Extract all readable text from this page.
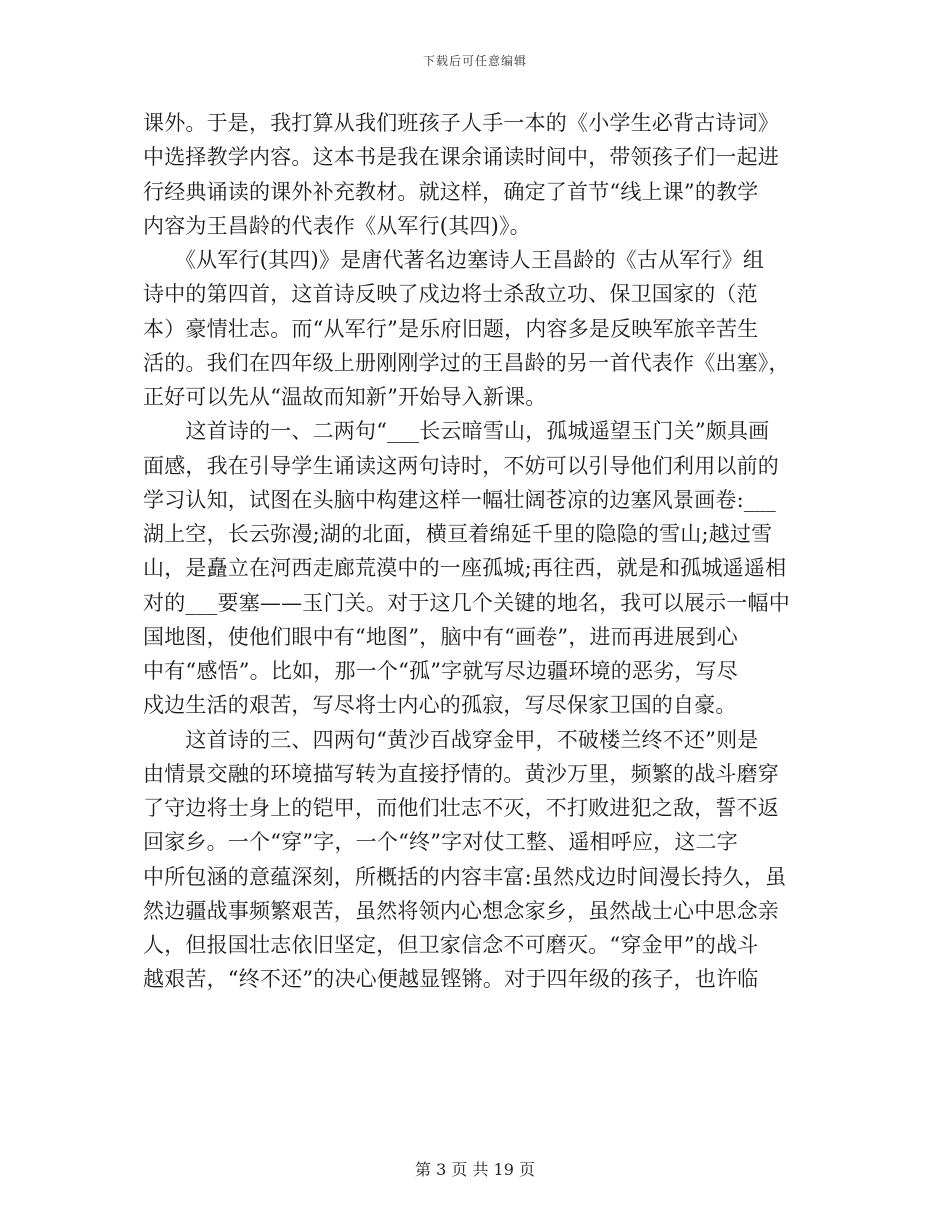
下载后可任意编辑
课外。于是，我打算从我们班孩子人手一本的《小学生必背古诗词》
中选择教学内容。这本书是我在课余诵读时间中，带领孩子们一起进
行经典诵读的课外补充教材。就这样，确定了首节“线上课”的教学
内容为王昌龄的代表作《从军行(其四)》。
　　《从军行(其四)》是唐代著名边塞诗人王昌龄的《古从军行》组
诗中的第四首，这首诗反映了戍边将士杀敌立功、保卫国家的（范
本）豪情壮志。而“从军行”是乐府旧题，内容多是反映军旅辛苦生
活的。我们在四年级上册刚刚学过的王昌龄的另一首代表作《出塞》，
正好可以先从“温故而知新”开始导入新课。
　　这首诗的一、二两句“___长云暗雪山，孤城遥望玉门关”颇具画
面感，我在引导学生诵读这两句诗时，不妨可以引导他们利用以前的
学习认知，试图在头脑中构建这样一幅壮阔苍凉的边塞风景画卷:___
湖上空，长云弥漫;湖的北面，横亘着绵延千里的隐隐的雪山;越过雪
山，是矗立在河西走廊荒漠中的一座孤城;再往西，就是和孤城遥遥相
对的___要塞——玉门关。对于这几个关键的地名，我可以展示一幅中
国地图，使他们眼中有“地图”，脑中有“画卷”，进而再进展到心
中有“感悟”。比如，那一个“孤”字就写尽边疆环境的恶劣，写尽
戍边生活的艰苦，写尽将士内心的孤寂，写尽保家卫国的自豪。
　　这首诗的三、四两句“黄沙百战穿金甲，不破楼兰终不还”则是
由情景交融的环境描写转为直接抒情的。黄沙万里，频繁的战斗磨穿
了守边将士身上的铠甲，而他们壮志不灭，不打败进犯之敌，誓不返
回家乡。一个“穿”字，一个“终”字对仗工整、遥相呼应，这二字
中所包涵的意蕴深刻，所概括的内容丰富:虽然戍边时间漫长持久，虽
然边疆战事频繁艰苦，虽然将领内心想念家乡，虽然战士心中思念亲
人，但报国壮志依旧坚定，但卫家信念不可磨灭。“穿金甲”的战斗
越艰苦，“终不还”的决心便越显铿锵。对于四年级的孩子，也许临
第 3 页 共 19 页
